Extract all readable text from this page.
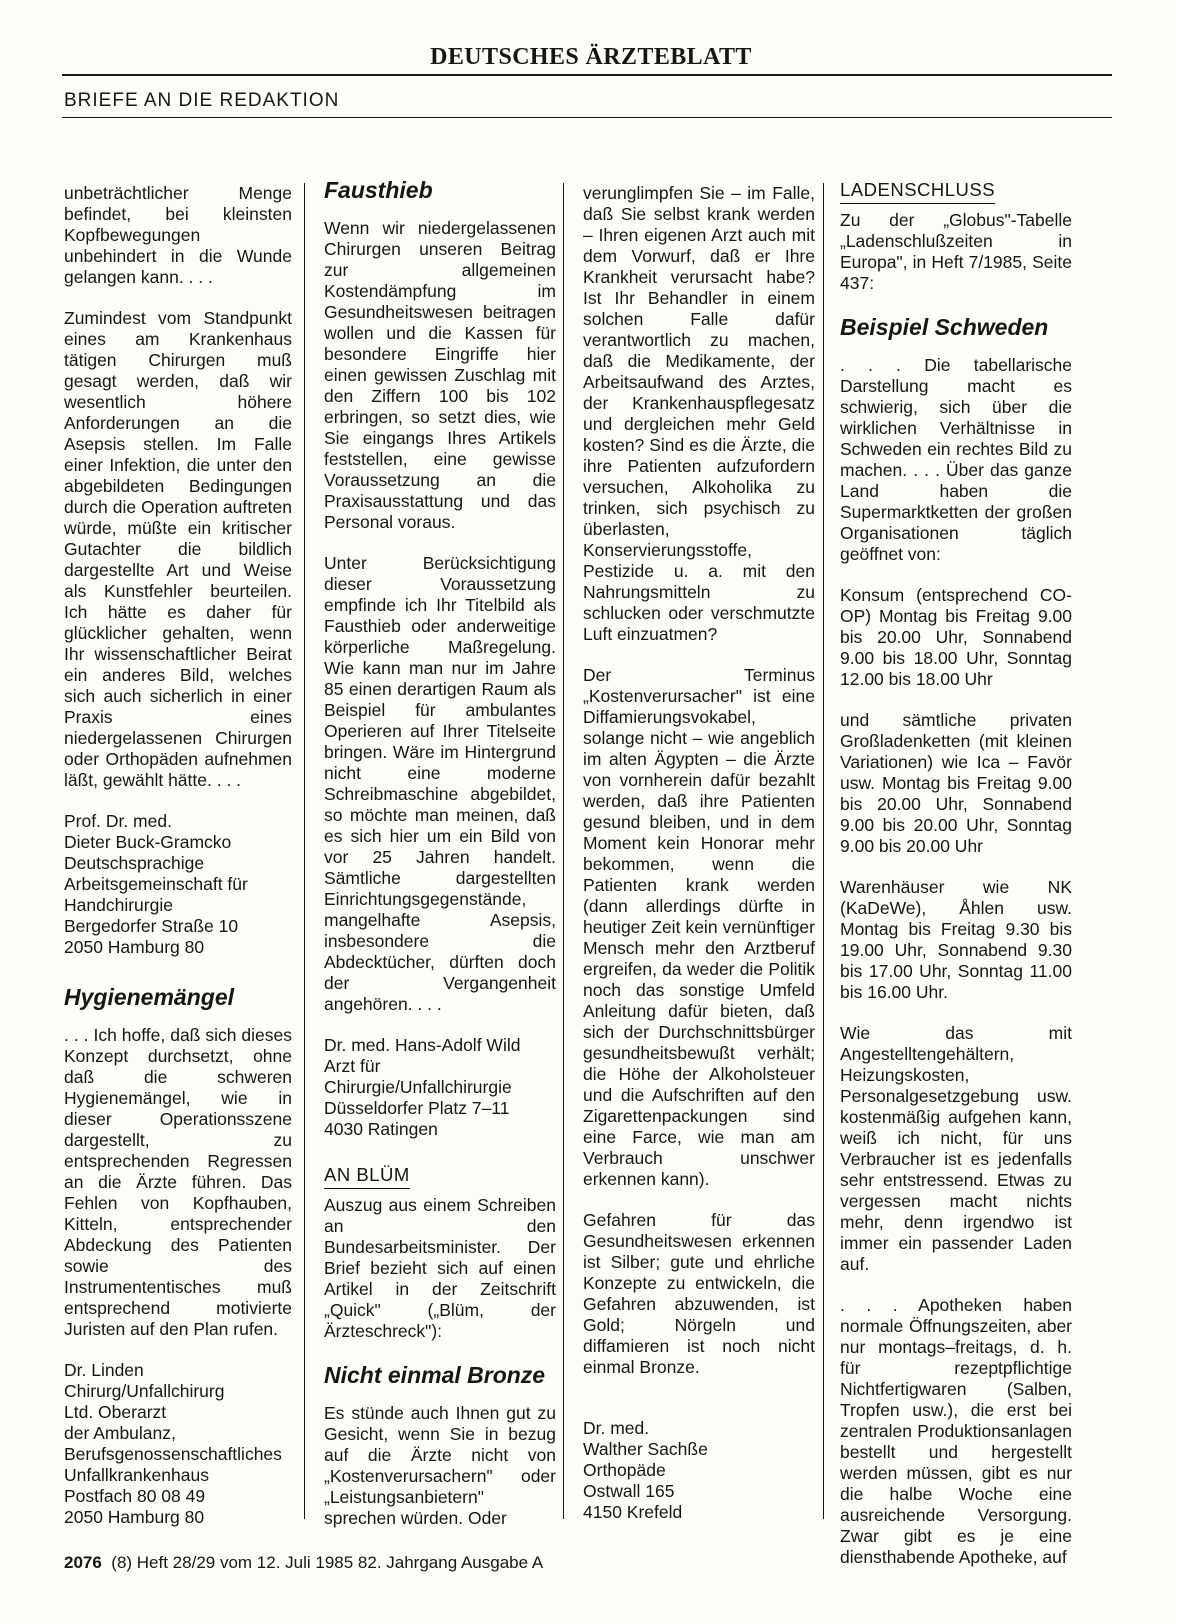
DEUTSCHES ÄRZTEBLATT
BRIEFE AN DIE REDAKTION

unbeträchtlicher Menge befindet, bei kleinsten Kopfbewegungen unbehindert in die Wunde gelangen kann. . . .

Zumindest vom Standpunkt eines am Krankenhaus tätigen Chirurgen muß gesagt werden, daß wir wesentlich höhere Anforderungen an die Asepsis stellen. Im Falle einer Infektion, die unter den abgebildeten Bedingungen durch die Operation auftreten würde, müßte ein kritischer Gutachter die bildlich dargestellte Art und Weise als Kunstfehler beurteilen. Ich hätte es daher für glücklicher gehalten, wenn Ihr wissenschaftlicher Beirat ein anderes Bild, welches sich auch sicherlich in einer Praxis eines niedergelassenen Chirurgen oder Orthopäden aufnehmen läßt, gewählt hätte. . . .

Prof. Dr. med.
Dieter Buck-Gramcko
Deutschsprachige Arbeitsgemeinschaft für
Handchirurgie
Bergedorfer Straße 10
2050 Hamburg 80

Hygienemängel

. . . Ich hoffe, daß sich dieses Konzept durchsetzt, ohne daß die schweren Hygienemängel, wie in dieser Operationsszene dargestellt, zu entsprechenden Regressen an die Ärzte führen. Das Fehlen von Kopfhauben, Kitteln, entsprechender Abdeckung des Patienten sowie des Instrumententisches muß entsprechend motivierte Juristen auf den Plan rufen.

Dr. Linden
Chirurg/Unfallchirurg
Ltd. Oberarzt
der Ambulanz, Berufsgenossenschaftliches
Unfallkrankenhaus
Postfach 80 08 49
2050 Hamburg 80

Fausthieb

Wenn wir niedergelassenen Chirurgen unseren Beitrag zur allgemeinen Kostendämpfung im Gesundheitswesen beitragen wollen und die Kassen für besondere Eingriffe hier einen gewissen Zuschlag mit den Ziffern 100 bis 102 erbringen, so setzt dies, wie Sie eingangs Ihres Artikels feststellen, eine gewisse Voraussetzung an die Praxisausstattung und das Personal voraus.

Unter Berücksichtigung dieser Voraussetzung empfinde ich Ihr Titelbild als Fausthieb oder anderweitige körperliche Maßregelung. Wie kann man nur im Jahre 85 einen derartigen Raum als Beispiel für ambulantes Operieren auf Ihrer Titelseite bringen. Wäre im Hintergrund nicht eine moderne Schreibmaschine abgebildet, so möchte man meinen, daß es sich hier um ein Bild von vor 25 Jahren handelt. Sämtliche dargestellten Einrichtungsgegenstände, mangelhafte Asepsis, insbesondere die Abdecktücher, dürften doch der Vergangenheit angehören. . . .

Dr. med. Hans-Adolf Wild
Arzt für Chirurgie/Unfallchirurgie
Düsseldorfer Platz 7–11
4030 Ratingen

AN BLÜM

Auszug aus einem Schreiben an den Bundesarbeitsminister. Der Brief bezieht sich auf einen Artikel in der Zeitschrift „Quick" („Blüm, der Ärzteschreck"):

Nicht einmal Bronze

Es stünde auch Ihnen gut zu Gesicht, wenn Sie in bezug auf die Ärzte nicht von „Kostenverursachern" oder „Leistungsanbietern" sprechen würden. Oder

verunglimpfen Sie – im Falle, daß Sie selbst krank werden – Ihren eigenen Arzt auch mit dem Vorwurf, daß er Ihre Krankheit verursacht habe? Ist Ihr Behandler in einem solchen Falle dafür verantwortlich zu machen, daß die Medikamente, der Arbeitsaufwand des Arztes, der Krankenhauspflegesatz und dergleichen mehr Geld kosten? Sind es die Ärzte, die ihre Patienten aufzufordern versuchen, Alkoholika zu trinken, sich psychisch zu überlasten, Konservierungsstoffe, Pestizide u. a. mit den Nahrungsmitteln zu schlucken oder verschmutzte Luft einzuatmen?

Der Terminus „Kostenverursacher" ist eine Diffamierungsvokabel, solange nicht – wie angeblich im alten Ägypten – die Ärzte von vornherein dafür bezahlt werden, daß ihre Patienten gesund bleiben, und in dem Moment kein Honorar mehr bekommen, wenn die Patienten krank werden (dann allerdings dürfte in heutiger Zeit kein vernünftiger Mensch mehr den Arztberuf ergreifen, da weder die Politik noch das sonstige Umfeld Anleitung dafür bieten, daß sich der Durchschnittsbürger gesundheitsbewußt verhält; die Höhe der Alkoholsteuer und die Aufschriften auf den Zigarettenpackungen sind eine Farce, wie man am Verbrauch unschwer erkennen kann).

Gefahren für das Gesundheitswesen erkennen ist Silber; gute und ehrliche Konzepte zu entwickeln, die Gefahren abzuwenden, ist Gold; Nörgeln und diffamieren ist noch nicht einmal Bronze.

Dr. med.
Walther Sachße
Orthopäde
Ostwall 165
4150 Krefeld

LADENSCHLUSS

Zu der „Globus"-Tabelle „Ladenschlußzeiten in Europa", in Heft 7/1985, Seite 437:

Beispiel Schweden

. . . Die tabellarische Darstellung macht es schwierig, sich über die wirklichen Verhältnisse in Schweden ein rechtes Bild zu machen. . . . Über das ganze Land haben die Supermarktketten der großen Organisationen täglich geöffnet von:

Konsum (entsprechend CO-OP) Montag bis Freitag 9.00 bis 20.00 Uhr, Sonnabend 9.00 bis 18.00 Uhr, Sonntag 12.00 bis 18.00 Uhr

und sämtliche privaten Großladenketten (mit kleinen Variationen) wie Ica – Favör usw. Montag bis Freitag 9.00 bis 20.00 Uhr, Sonnabend 9.00 bis 20.00 Uhr, Sonntag 9.00 bis 20.00 Uhr

Warenhäuser wie NK (KaDeWe), Åhlen usw. Montag bis Freitag 9.30 bis 19.00 Uhr, Sonnabend 9.30 bis 17.00 Uhr, Sonntag 11.00 bis 16.00 Uhr.

Wie das mit Angestelltengehältern, Heizungskosten, Personalgesetzgebung usw. kostenmäßig aufgehen kann, weiß ich nicht, für uns Verbraucher ist es jedenfalls sehr entstressend. Etwas zu vergessen macht nichts mehr, denn irgendwo ist immer ein passender Laden auf.

. . . Apotheken haben normale Öffnungszeiten, aber nur montags–freitags, d. h. für rezeptpflichtige Nichtfertigwaren (Salben, Tropfen usw.), die erst bei zentralen Produktionsanlagen bestellt und hergestellt werden müssen, gibt es nur die halbe Woche eine ausreichende Versorgung. Zwar gibt es je eine diensthabende Apotheke, auf

2076 (8) Heft 28/29 vom 12. Juli 1985 82. Jahrgang Ausgabe A
